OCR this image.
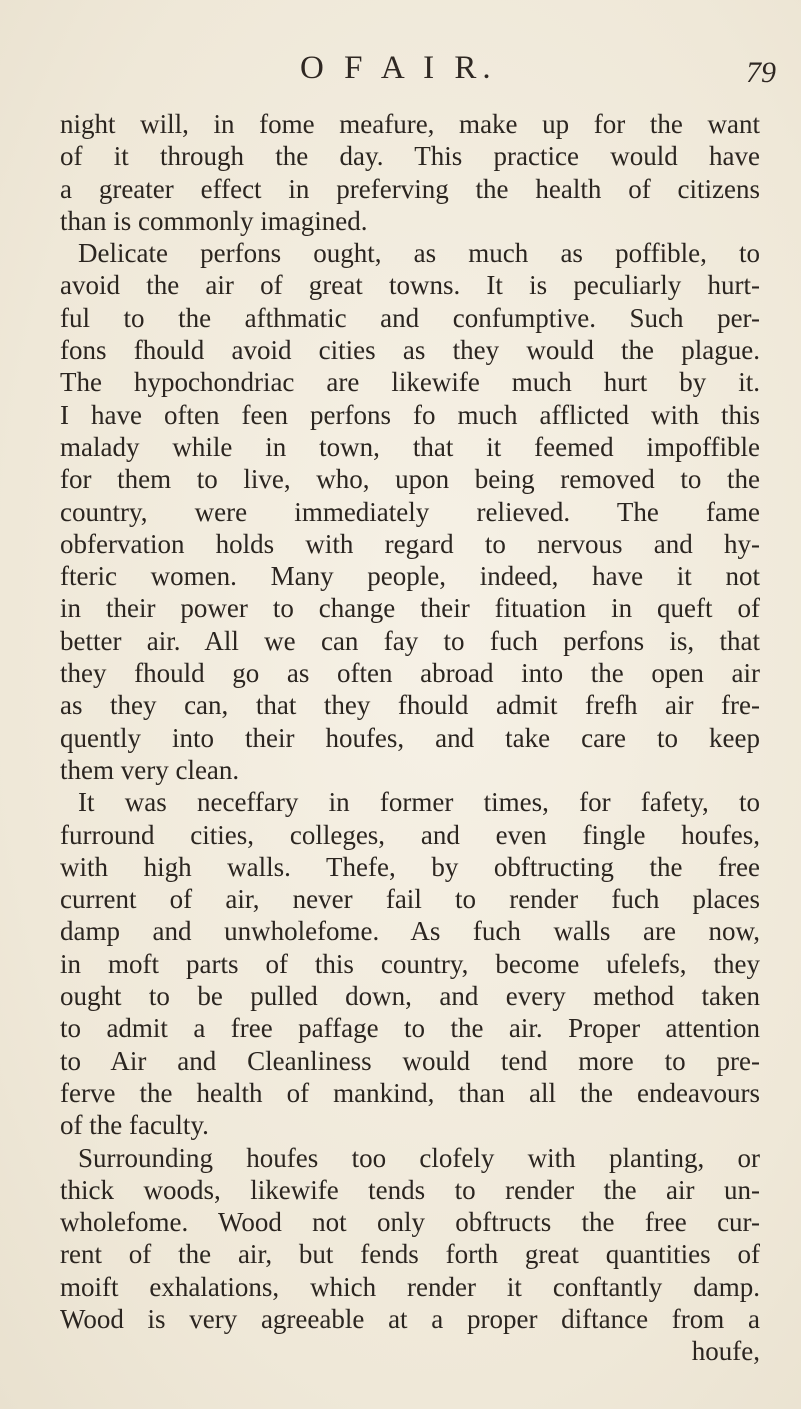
O F A I R.	79
night will, in fome meafure, make up for the want
of it through the day. This practice would have
a greater effect in preferving the health of citizens
than is commonly imagined.
Delicate perfons ought, as much as poffible, to
avoid the air of great towns. It is peculiarly hurt-
ful to the afthmatic and confumptive. Such per-
fons fhould avoid cities as they would the plague.
The hypochondriac are likewife much hurt by it.
I have often feen perfons fo much afflicted with this
malady while in town, that it feemed impoffible
for them to live, who, upon being removed to the
country, were immediately relieved. The fame
obfervation holds with regard to nervous and hy-
fteric women. Many people, indeed, have it not
in their power to change their fituation in queft of
better air. All we can fay to fuch perfons is, that
they fhould go as often abroad into the open air
as they can, that they fhould admit frefh air fre-
quently into their houfes, and take care to keep
them very clean.
It was neceffary in former times, for fafety, to
furround cities, colleges, and even fingle houfes,
with high walls. Thefe, by obftructing the free
current of air, never fail to render fuch places
damp and unwholefome. As fuch walls are now,
in moft parts of this country, become ufelefs, they
ought to be pulled down, and every method taken
to admit a free paffage to the air. Proper attention
to Air and Cleanliness would tend more to pre-
ferve the health of mankind, than all the endeavours
of the faculty.
Surrounding houfes too clofely with planting, or
thick woods, likewife tends to render the air un-
wholefome. Wood not only obftructs the free cur-
rent of the air, but fends forth great quantities of
moift exhalations, which render it conftantly damp.
Wood is very agreeable at a proper diftance from a
houfe,
